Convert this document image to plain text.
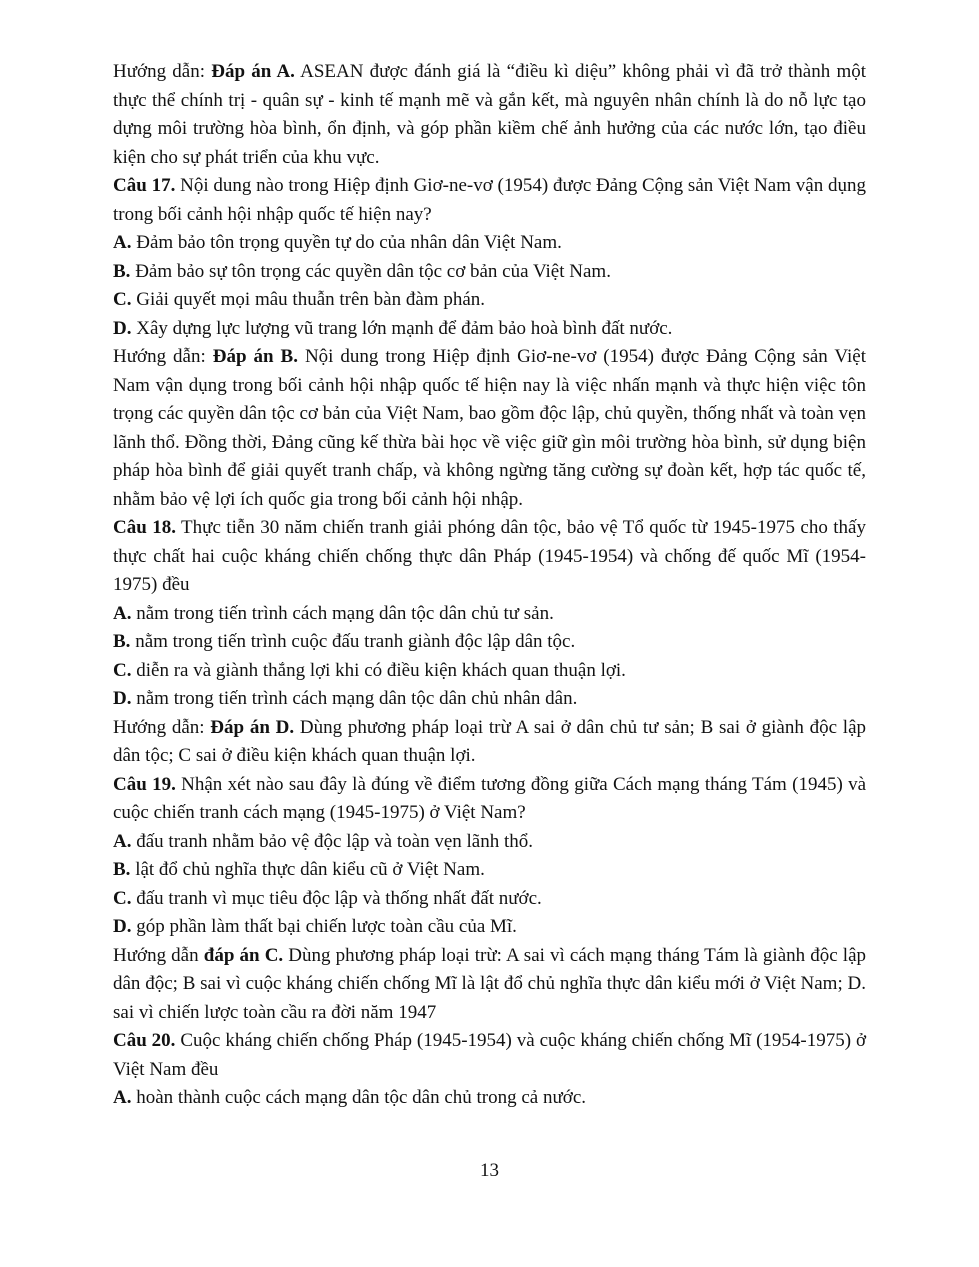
Hướng dẫn: Đáp án A. ASEAN được đánh giá là “điều kì diệu” không phải vì đã trở thành một thực thể chính trị - quân sự - kinh tế mạnh mẽ và gắn kết, mà nguyên nhân chính là do nỗ lực tạo dựng môi trường hòa bình, ổn định, và góp phần kiềm chế ảnh hưởng của các nước lớn, tạo điều kiện cho sự phát triển của khu vực.

Câu 17. Nội dung nào trong Hiệp định Giơ-ne-vơ (1954) được Đảng Cộng sản Việt Nam vận dụng trong bối cảnh hội nhập quốc tế hiện nay?

A. Đảm bảo tôn trọng quyền tự do của nhân dân Việt Nam.

B. Đảm bảo sự tôn trọng các quyền dân tộc cơ bản của Việt Nam.

C. Giải quyết mọi mâu thuẫn trên bàn đàm phán.

D. Xây dựng lực lượng vũ trang lớn mạnh để đảm bảo hoà bình đất nước.

Hướng dẫn: Đáp án B. Nội dung trong Hiệp định Giơ-ne-vơ (1954) được Đảng Cộng sản Việt Nam vận dụng trong bối cảnh hội nhập quốc tế hiện nay là việc nhấn mạnh và thực hiện việc tôn trọng các quyền dân tộc cơ bản của Việt Nam, bao gồm độc lập, chủ quyền, thống nhất và toàn vẹn lãnh thổ. Đồng thời, Đảng cũng kế thừa bài học về việc giữ gìn môi trường hòa bình, sử dụng biện pháp hòa bình để giải quyết tranh chấp, và không ngừng tăng cường sự đoàn kết, hợp tác quốc tế, nhằm bảo vệ lợi ích quốc gia trong bối cảnh hội nhập.

Câu 18. Thực tiễn 30 năm chiến tranh giải phóng dân tộc, bảo vệ Tổ quốc từ 1945-1975 cho thấy thực chất hai cuộc kháng chiến chống thực dân Pháp (1945-1954) và chống đế quốc Mĩ (1954-1975) đều

A. nằm trong tiến trình cách mạng dân tộc dân chủ tư sản.

B. nằm trong tiến trình cuộc đấu tranh giành độc lập dân tộc.

C. diễn ra và giành thắng lợi khi có điều kiện khách quan thuận lợi.

D. nằm trong tiến trình cách mạng dân tộc dân chủ nhân dân.

Hướng dẫn: Đáp án D. Dùng phương pháp loại trừ A sai ở dân chủ tư sản; B sai ở giành độc lập dân tộc; C sai ở điều kiện khách quan thuận lợi.

Câu 19. Nhận xét nào sau đây là đúng về điểm tương đồng giữa Cách mạng tháng Tám (1945) và cuộc chiến tranh cách mạng (1945-1975) ở Việt Nam?

A. đấu tranh nhằm bảo vệ độc lập và toàn vẹn lãnh thổ.

B. lật đổ chủ nghĩa thực dân kiểu cũ ở Việt Nam.

C. đấu tranh vì mục tiêu độc lập và thống nhất đất nước.

D. góp phần làm thất bại chiến lược toàn cầu của Mĩ.

Hướng dẫn đáp án C. Dùng phương pháp loại trừ: A sai vì cách mạng tháng Tám là giành độc lập dân độc; B sai vì cuộc kháng chiến chống Mĩ là lật đổ chủ nghĩa thực dân kiểu mới ở Việt Nam; D. sai vì chiến lược toàn cầu ra đời năm 1947

Câu 20. Cuộc kháng chiến chống Pháp (1945-1954) và cuộc kháng chiến chống Mĩ (1954-1975) ở Việt Nam đều

A. hoàn thành cuộc cách mạng dân tộc dân chủ trong cả nước.

13
